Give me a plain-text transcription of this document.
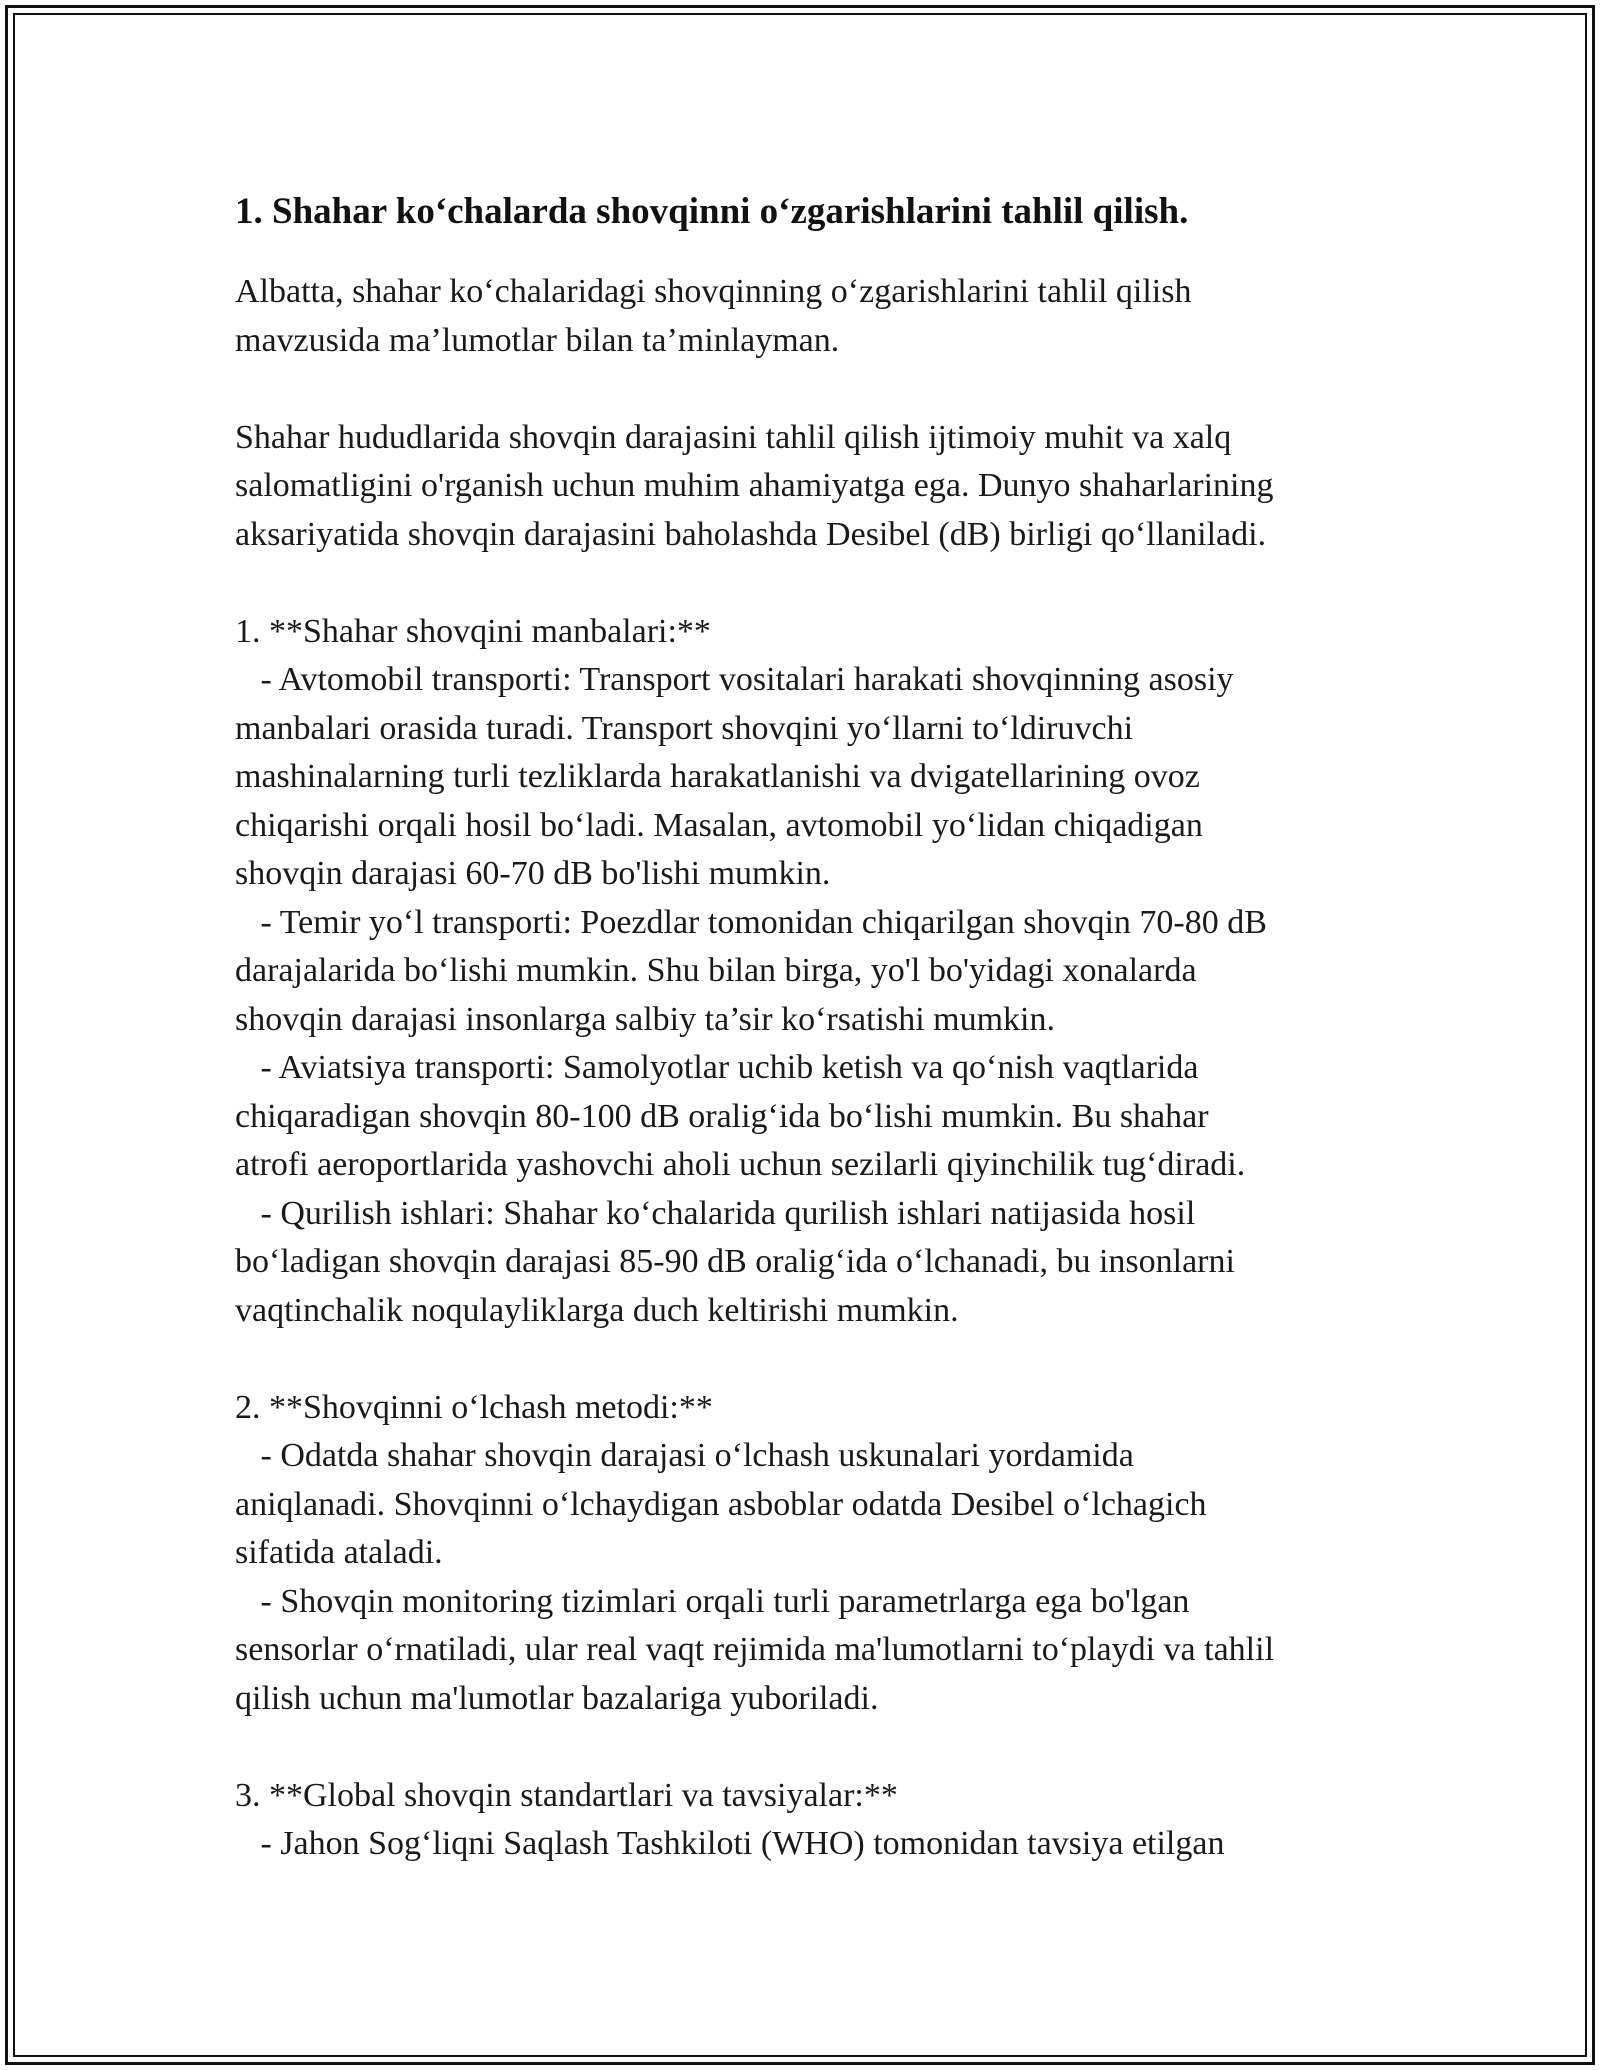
1. Shahar ko‘chalarda shovqinni o‘zgarishlarini tahlil qilish.
Albatta, shahar ko‘chalaridagi shovqinning o‘zgarishlarini tahlil qilish
mavzusida ma’lumotlar bilan ta’minlayman.
Shahar hududlarida shovqin darajasini tahlil qilish ijtimoiy muhit va xalq
salomatligini o'rganish uchun muhim ahamiyatga ega. Dunyo shaharlarining
aksariyatida shovqin darajasini baholashda Desibel (dB) birligi qo‘llaniladi.
1. **Shahar shovqini manbalari:**
- Avtomobil transporti: Transport vositalari harakati shovqinning asosiy
manbalari orasida turadi. Transport shovqini yo‘llarni to‘ldiruvchi
mashinalarning turli tezliklarda harakatlanishi va dvigatellarining ovoz
chiqarishi orqali hosil bo‘ladi. Masalan, avtomobil yo‘lidan chiqadigan
shovqin darajasi 60-70 dB bo'lishi mumkin.
- Temir yo‘l transporti: Poezdlar tomonidan chiqarilgan shovqin 70-80 dB
darajalarida bo‘lishi mumkin. Shu bilan birga, yo'l bo'yidagi xonalarda
shovqin darajasi insonlarga salbiy ta’sir ko‘rsatishi mumkin.
- Aviatsiya transporti: Samolyotlar uchib ketish va qo‘nish vaqtlarida
chiqaradigan shovqin 80-100 dB oralig‘ida bo‘lishi mumkin. Bu shahar
atrofi aeroportlarida yashovchi aholi uchun sezilarli qiyinchilik tug‘diradi.
- Qurilish ishlari: Shahar ko‘chalarida qurilish ishlari natijasida hosil
bo‘ladigan shovqin darajasi 85-90 dB oralig‘ida o‘lchanadi, bu insonlarni
vaqtinchalik noqulayliklarga duch keltirishi mumkin.
2. **Shovqinni o‘lchash metodi:**
- Odatda shahar shovqin darajasi o‘lchash uskunalari yordamida
aniqlanadi. Shovqinni o‘lchaydigan asboblar odatda Desibel o‘lchagich
sifatida ataladi.
- Shovqin monitoring tizimlari orqali turli parametrlarga ega bo'lgan
sensorlar o‘rnatiladi, ular real vaqt rejimida ma'lumotlarni to‘playdi va tahlil
qilish uchun ma'lumotlar bazalariga yuboriladi.
3. **Global shovqin standartlari va tavsiyalar:**
- Jahon Sog‘liqni Saqlash Tashkiloti (WHO) tomonidan tavsiya etilgan
